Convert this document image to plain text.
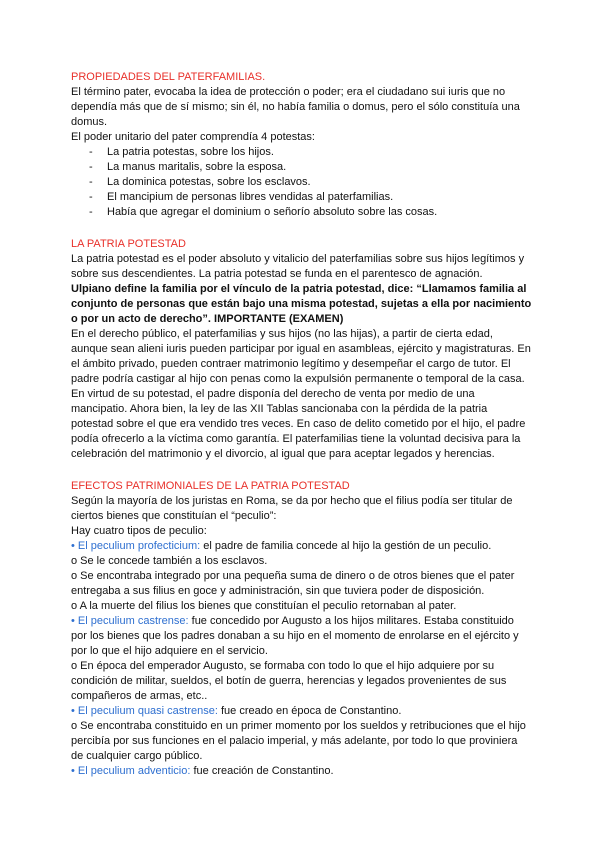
PROPIEDADES DEL PATERFAMILIAS.

El término pater, evocaba la idea de protección o poder; era el ciudadano sui iuris que no dependía más que de sí mismo; sin él, no había familia o domus, pero el sólo constituía una domus.

El poder unitario del pater comprendía 4 potestas:

- La patria potestas, sobre los hijos.
- La manus maritalis, sobre la esposa.
- La dominica potestas, sobre los esclavos.
- El mancipium de personas libres vendidas al paterfamilias.
- Había que agregar el dominium o señorío absoluto sobre las cosas.

LA PATRIA POTESTAD

La patria potestad es el poder absoluto y vitalicio del paterfamilias sobre sus hijos legítimos y sobre sus descendientes. La patria potestad se funda en el parentesco de agnación.

Ulpiano define la familia por el vínculo de la patria potestad, dice: “Llamamos familia al conjunto de personas que están bajo una misma potestad, sujetas a ella por nacimiento o por un acto de derecho”. IMPORTANTE (EXAMEN)

En el derecho público, el paterfamilias y sus hijos (no las hijas), a partir de cierta edad, aunque sean alieni iuris pueden participar por igual en asambleas, ejército y magistraturas. En el ámbito privado, pueden contraer matrimonio legítimo y desempeñar el cargo de tutor. El padre podría castigar al hijo con penas como la expulsión permanente o temporal de la casa. En virtud de su potestad, el padre disponía del derecho de venta por medio de una mancipatio. Ahora bien, la ley de las XII Tablas sancionaba con la pérdida de la patria potestad sobre el que era vendido tres veces. En caso de delito cometido por el hijo, el padre podía ofrecerlo a la víctima como garantía. El paterfamilias tiene la voluntad decisiva para la celebración del matrimonio y el divorcio, al igual que para aceptar legados y herencias.

EFECTOS PATRIMONIALES DE LA PATRIA POTESTAD

Según la mayoría de los juristas en Roma, se da por hecho que el filius podía ser titular de ciertos bienes que constituían el “peculio”:

Hay cuatro tipos de peculio:

• El peculium profecticium: el padre de familia concede al hijo la gestión de un peculio.

o Se le concede también a los esclavos.

o Se encontraba integrado por una pequeña suma de dinero o de otros bienes que el pater entregaba a sus filius en goce y administración, sin que tuviera poder de disposición.

o A la muerte del filius los bienes que constituían el peculio retornaban al pater.

• El peculium castrense: fue concedido por Augusto a los hijos militares. Estaba constituido por los bienes que los padres donaban a su hijo en el momento de enrolarse en el ejército y por lo que el hijo adquiere en el servicio.

o En época del emperador Augusto, se formaba con todo lo que el hijo adquiere por su condición de militar, sueldos, el botín de guerra, herencias y legados provenientes de sus compañeros de armas, etc..

• El peculium quasi castrense: fue creado en época de Constantino.

o Se encontraba constituido en un primer momento por los sueldos y retribuciones que el hijo percibía por sus funciones en el palacio imperial, y más adelante, por todo lo que proviniera de cualquier cargo público.

• El peculium adventicio: fue creación de Constantino.
